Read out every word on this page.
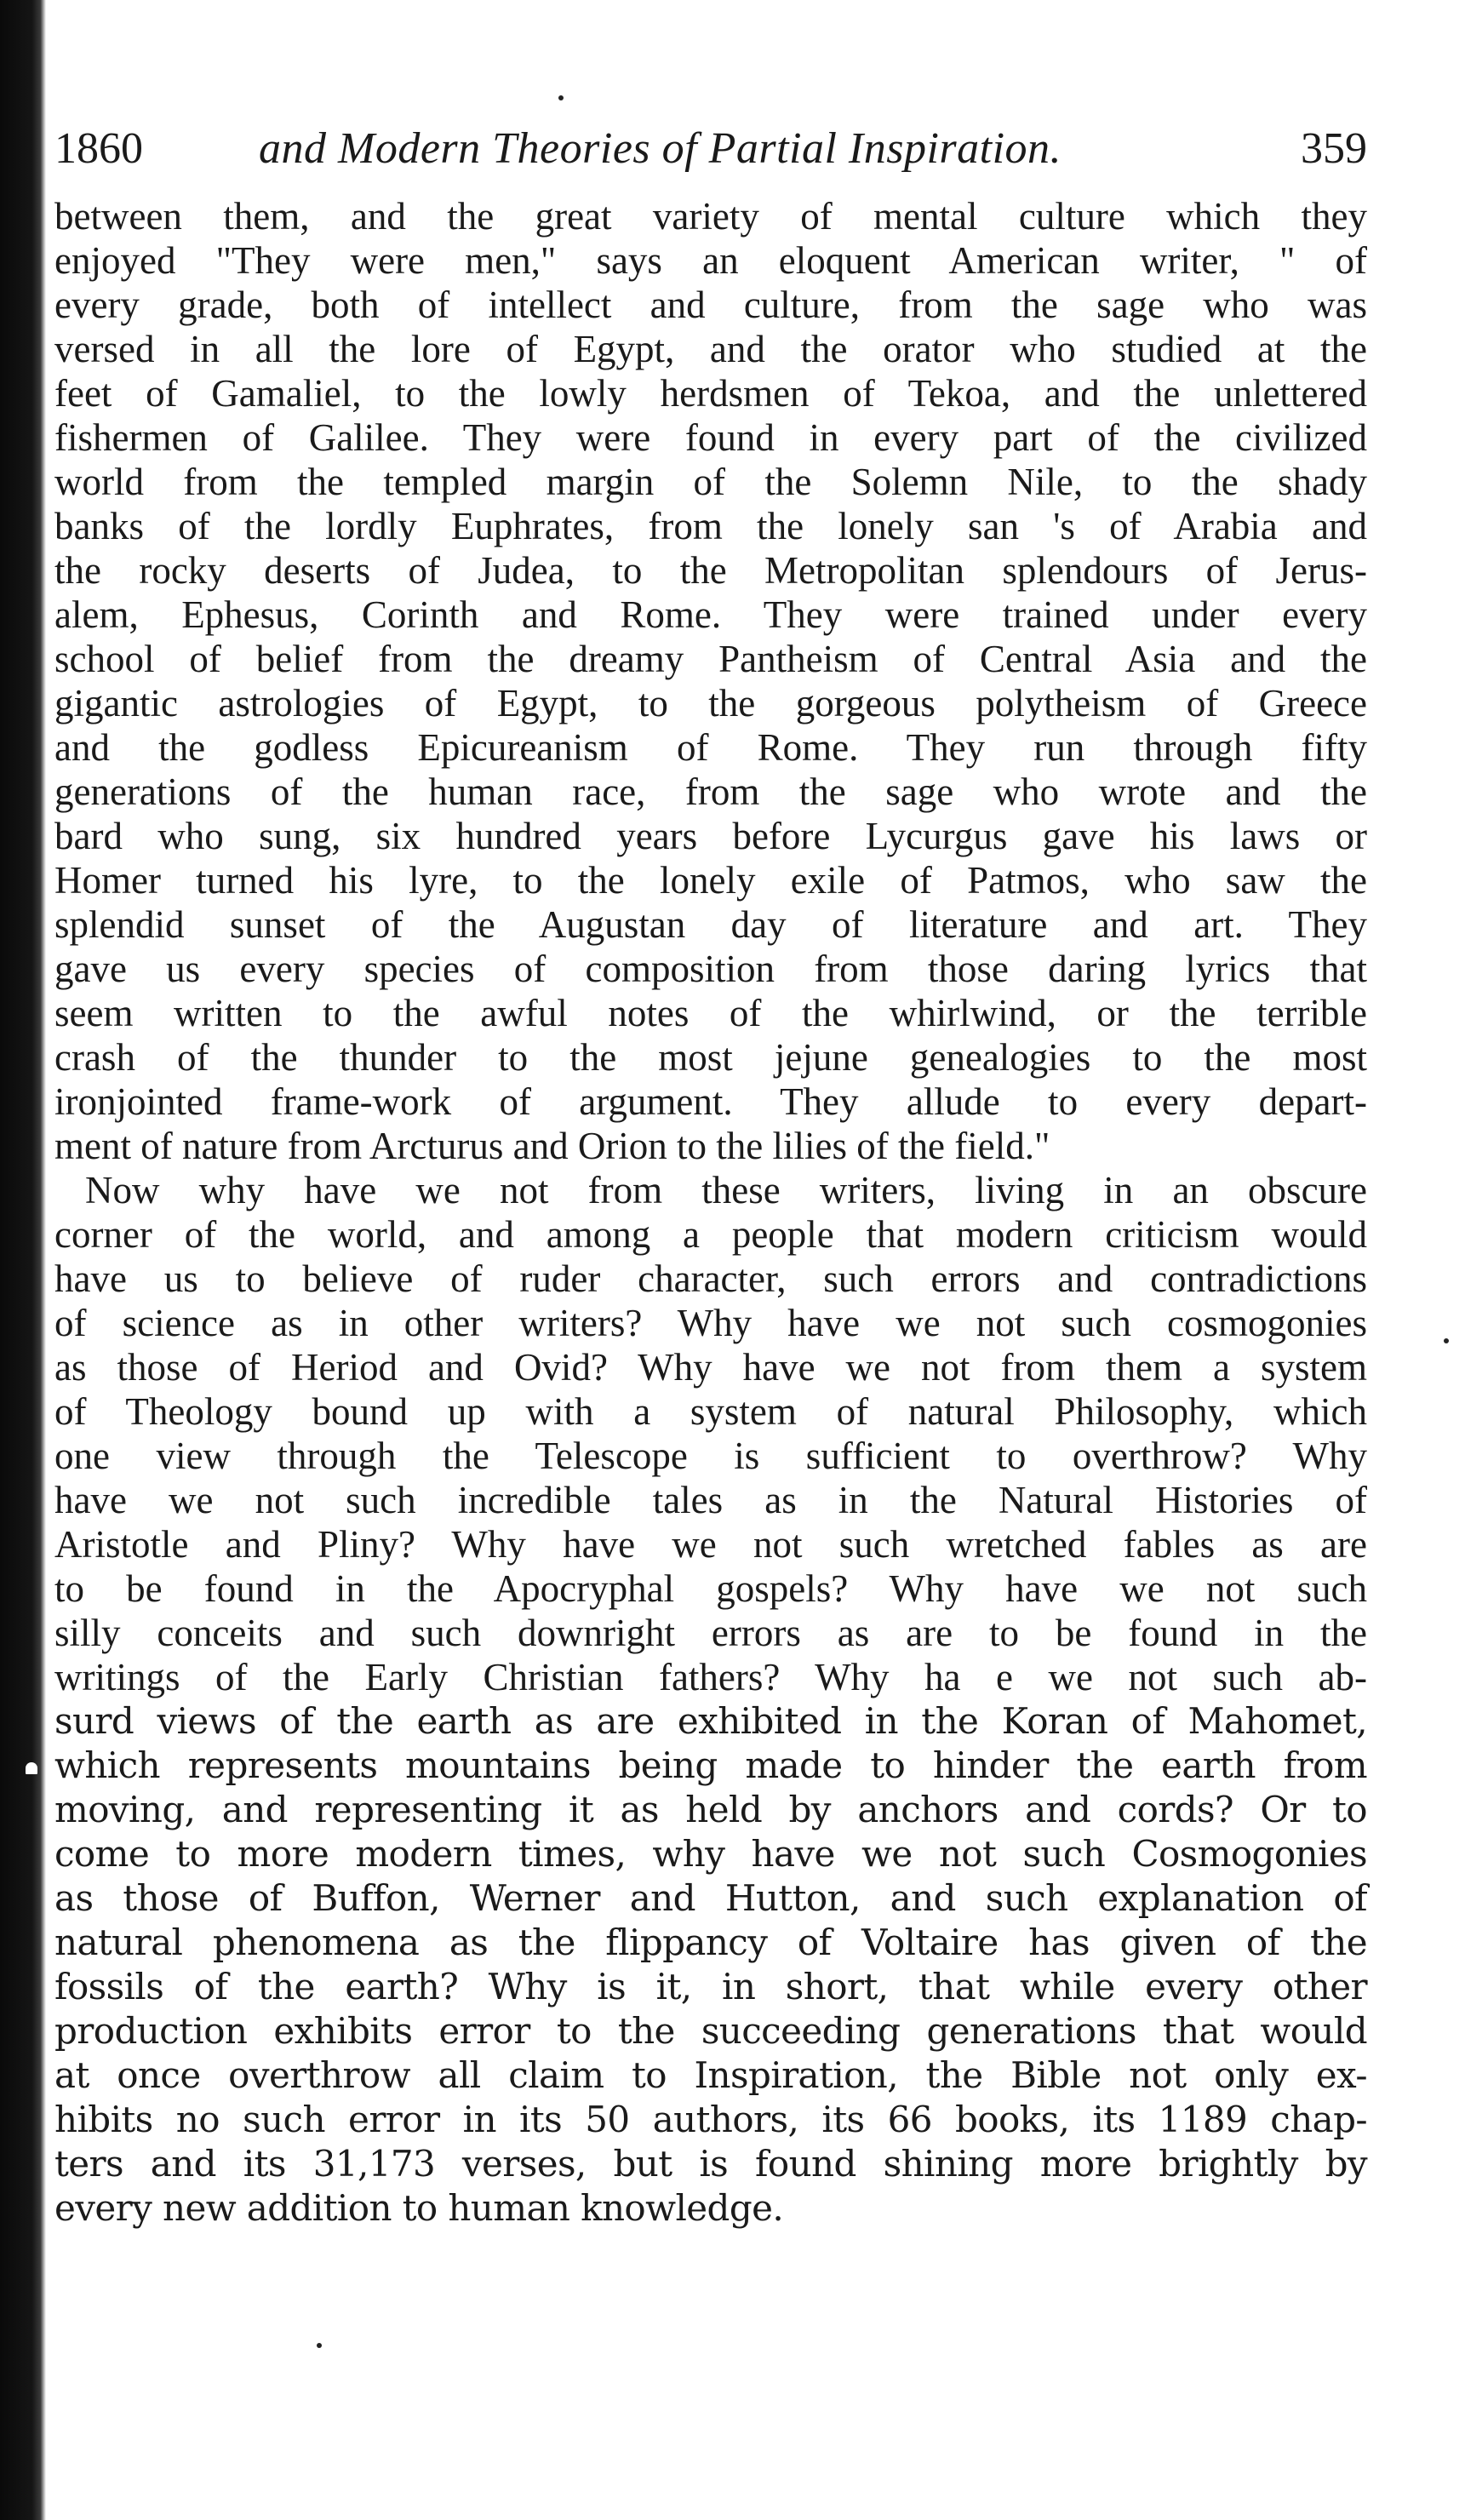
1860	and Modern Theories of Partial Inspiration.	359
between them, and the great variety of mental culture which they
enjoyed "They were men," says an eloquent American writer, " of
every grade, both of intellect and culture, from the sage who was
versed in all the lore of Egypt, and the orator who studied at the
feet of Gamaliel, to the lowly herdsmen of Tekoa, and the unlettered
fishermen of Galilee. They were found in every part of the civilized
world from the templed margin of the Solemn Nile, to the shady
banks of the lordly Euphrates, from the lonely san 's of Arabia and
the rocky deserts of Judea, to the Metropolitan splendours of Jerus-
alem, Ephesus, Corinth and Rome. They were trained under every
school of belief from the dreamy Pantheism of Central Asia and the
gigantic astrologies of Egypt, to the gorgeous polytheism of Greece
and the godless Epicureanism of Rome. They run through fifty
generations of the human race, from the sage who wrote and the
bard who sung, six hundred years before Lycurgus gave his laws or
Homer turned his lyre, to the lonely exile of Patmos, who saw the
splendid sunset of the Augustan day of literature and art. They
gave us every species of composition from those daring lyrics that
seem written to the awful notes of the whirlwind, or the terrible
crash of the thunder to the most jejune genealogies to the most
ironjointed frame-work of argument. They allude to every depart-
ment of nature from Arcturus and Orion to the lilies of the field."
Now why have we not from these writers, living in an obscure
corner of the world, and among a people that modern criticism would
have us to believe of ruder character, such errors and contradictions
of science as in other writers? Why have we not such cosmogonies
as those of Heriod and Ovid? Why have we not from them a system
of Theology bound up with a system of natural Philosophy, which
one view through the Telescope is sufficient to overthrow? Why
have we not such incredible tales as in the Natural Histories of
Aristotle and Pliny? Why have we not such wretched fables as are
to be found in the Apocryphal gospels? Why have we not such
silly conceits and such downright errors as are to be found in the
writings of the Early Christian fathers? Why ha e we not such ab-
surd views of the earth as are exhibited in the Koran of Mahomet,
which represents mountains being made to hinder the earth from
moving, and representing it as held by anchors and cords? Or to
come to more modern times, why have we not such Cosmogonies
as those of Buffon, Werner and Hutton, and such explanation of
natural phenomena as the flippancy of Voltaire has given of the
fossils of the earth? Why is it, in short, that while every other
production exhibits error to the succeeding generations that would
at once overthrow all claim to Inspiration, the Bible not only ex-
hibits no such error in its 50 authors, its 66 books, its 1189 chap-
ters and its 31,173 verses, but is found shining more brightly by
every new addition to human knowledge.
